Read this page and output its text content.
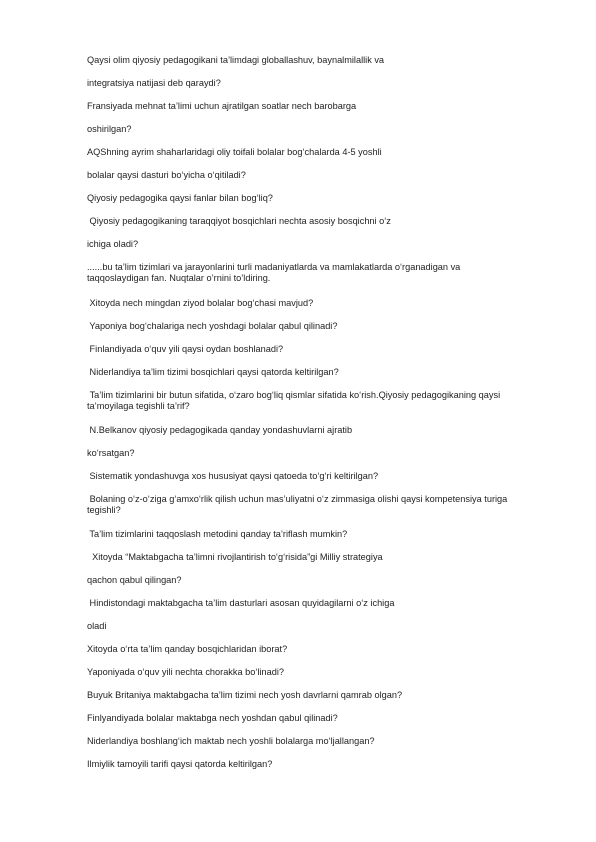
Qaysi olim qiyosiy pedagogikani ta’limdagi globallashuv, baynalmilallik va

integratsiya natijasi deb qaraydi?

Fransiyada mehnat ta’limi uchun ajratilgan soatlar nech barobarga

oshirilgan?

AQShning ayrim shaharlaridagi oliy toifali bolalar bog‘chalarda 4-5 yoshli

bolalar qaysi dasturi bo‘yicha o‘qitiladi?

Qiyosiy pedagogika qaysi fanlar bilan bog‘liq?

Qiyosiy pedagogikaning taraqqiyot bosqichlari nechta asosiy bosqichni o‘z

ichiga oladi?

......bu ta’lim tizimlari va jarayonlarini turli madaniyatlarda va mamlakatlarda o‘rganadigan va
taqqoslaydigan fan. Nuqtalar o’rnini to’ldiring.

Xitoyda nech mingdan ziyod bolalar bog‘chasi mavjud?

Yaponiya bog‘chalariga nech yoshdagi bolalar qabul qilinadi?

Finlandiyada o‘quv yili qaysi oydan boshlanadi?

Niderlandiya ta’lim tizimi bosqichlari qaysi qatorda keltirilgan?

Ta’lim tizimlarini bir butun sifatida, o‘zaro bog‘liq qismlar sifatida ko‘rish.Qiyosiy pedagogikaning qaysi
ta’moyilaga tegishli ta’rif?

N.Belkanov qiyosiy pedagogikada qanday yondashuvlarni ajratib

ko‘rsatgan?

Sistematik yondashuvga xos hususiyat qaysi qatoeda to‘g‘ri keltirilgan?

Bolaning o‘z-o‘ziga g‘amxo‘rlik qilish uchun mas’uliyatni o‘z zimmasiga olishi qaysi kompetensiya turiga
tegishli?

Ta’lim tizimlarini taqqoslash metodini qanday ta’riflash mumkin?

Xitoyda “Maktabgacha ta’limni rivojlantirish to‘g‘risida”gi Milliy strategiya

qachon qabul qilingan?

Hindistondagi maktabgacha ta’lim dasturlari asosan quyidagilarni o‘z ichiga

oladi

Xitoyda o‘rta ta’lim qanday bosqichlaridan iborat?

Yaponiyada o‘quv yili nechta chorakka bo‘linadi?

Buyuk Britaniya maktabgacha ta’lim tizimi nech yosh davrlarni qamrab olgan?

Finlyandiyada bolalar maktabga nech yoshdan qabul qilinadi?

Niderlandiya boshlang‘ich maktab nech yoshli bolalarga mo‘ljallangan?

Ilmiylik tamoyili tarifi qaysi qatorda keltirilgan?
